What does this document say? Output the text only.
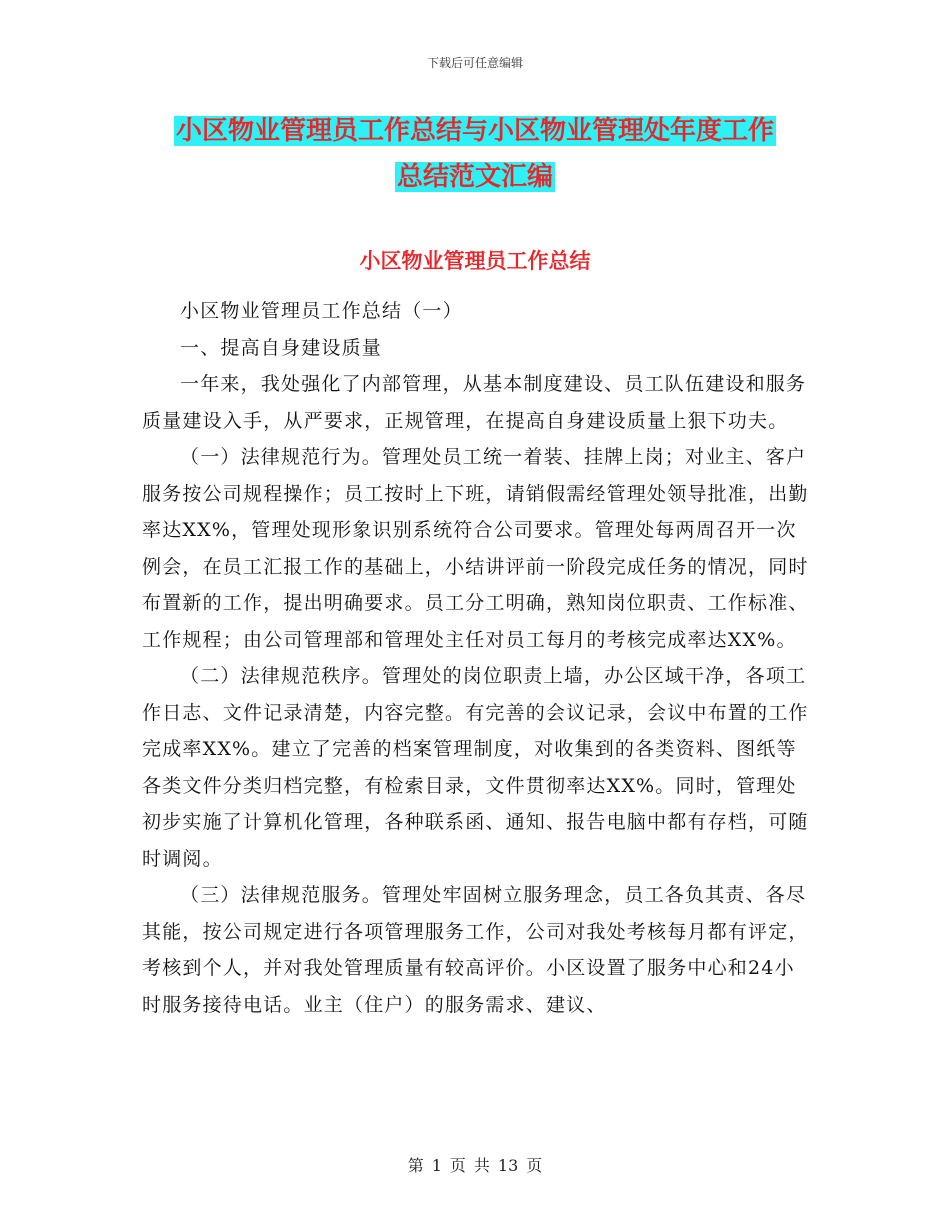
下载后可任意编辑
小区物业管理员工作总结与小区物业管理处年度工作
总结范文汇编
小区物业管理员工作总结

小区物业管理员工作总结（一）

一、提高自身建设质量

一年来，我处强化了内部管理，从基本制度建设、员工队伍建设和服务质量建设入手，从严要求，正规管理，在提高自身建设质量上狠下功夫。

（一）法律规范行为。管理处员工统一着装、挂牌上岗；对业主、客户服务按公司规程操作；员工按时上下班，请销假需经管理处领导批准，出勤率达XX%，管理处现形象识别系统符合公司要求。管理处每两周召开一次例会，在员工汇报工作的基础上，小结讲评前一阶段完成任务的情况，同时布置新的工作，提出明确要求。员工分工明确，熟知岗位职责、工作标准、工作规程；由公司管理部和管理处主任对员工每月的考核完成率达XX%。

（二）法律规范秩序。管理处的岗位职责上墙，办公区域干净，各项工作日志、文件记录清楚，内容完整。有完善的会议记录，会议中布置的工作完成率XX%。建立了完善的档案管理制度，对收集到的各类资料、图纸等各类文件分类归档完整，有检索目录，文件贯彻率达XX%。同时，管理处初步实施了计算机化管理，各种联系函、通知、报告电脑中都有存档，可随时调阅。

（三）法律规范服务。管理处牢固树立服务理念，员工各负其责、各尽其能，按公司规定进行各项管理服务工作，公司对我处考核每月都有评定，考核到个人，并对我处管理质量有较高评价。小区设置了服务中心和24小时服务接待电话。业主（住户）的服务需求、建议、

第 1 页 共 13 页
